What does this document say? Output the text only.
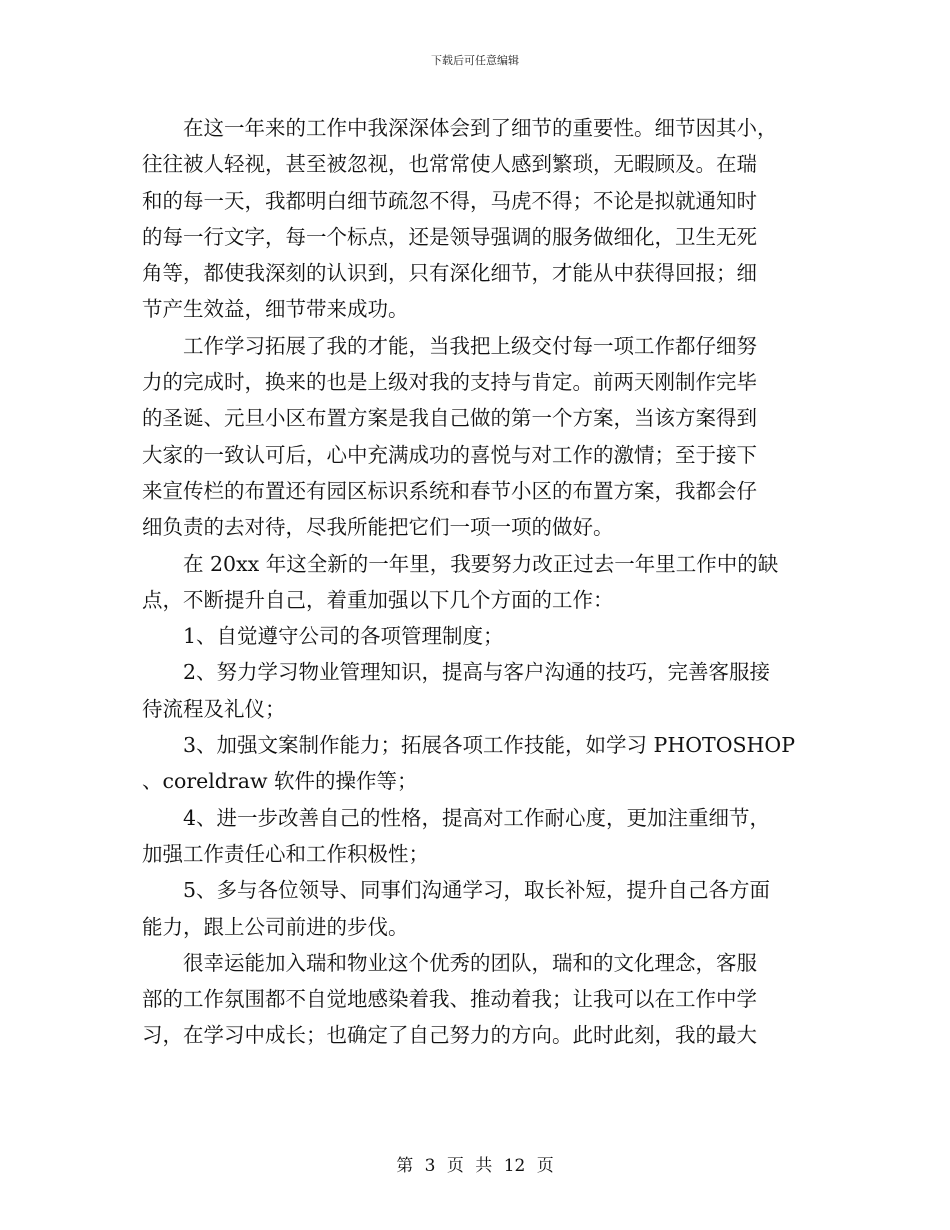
下载后可任意编辑

在这一年来的工作中我深深体会到了细节的重要性。细节因其小，
往往被人轻视，甚至被忽视，也常常使人感到繁琐，无暇顾及。在瑞
和的每一天，我都明白细节疏忽不得，马虎不得；不论是拟就通知时
的每一行文字，每一个标点，还是领导强调的服务做细化，卫生无死
角等，都使我深刻的认识到，只有深化细节，才能从中获得回报；细
节产生效益，细节带来成功。

工作学习拓展了我的才能，当我把上级交付每一项工作都仔细努
力的完成时，换来的也是上级对我的支持与肯定。前两天刚制作完毕
的圣诞、元旦小区布置方案是我自己做的第一个方案，当该方案得到
大家的一致认可后，心中充满成功的喜悦与对工作的激情；至于接下
来宣传栏的布置还有园区标识系统和春节小区的布置方案，我都会仔
细负责的去对待，尽我所能把它们一项一项的做好。

在 20xx 年这全新的一年里，我要努力改正过去一年里工作中的缺
点，不断提升自己，着重加强以下几个方面的工作：

1、自觉遵守公司的各项管理制度；

2、努力学习物业管理知识，提高与客户沟通的技巧，完善客服接
待流程及礼仪；

3、加强文案制作能力；拓展各项工作技能，如学习 PHOTOSHOP
、coreldraw 软件的操作等；

4、进一步改善自己的性格，提高对工作耐心度，更加注重细节，
加强工作责任心和工作积极性；

5、多与各位领导、同事们沟通学习，取长补短，提升自己各方面
能力，跟上公司前进的步伐。

很幸运能加入瑞和物业这个优秀的团队，瑞和的文化理念，客服
部的工作氛围都不自觉地感染着我、推动着我；让我可以在工作中学
习，在学习中成长；也确定了自己努力的方向。此时此刻，我的最大

第 3 页 共 12 页
